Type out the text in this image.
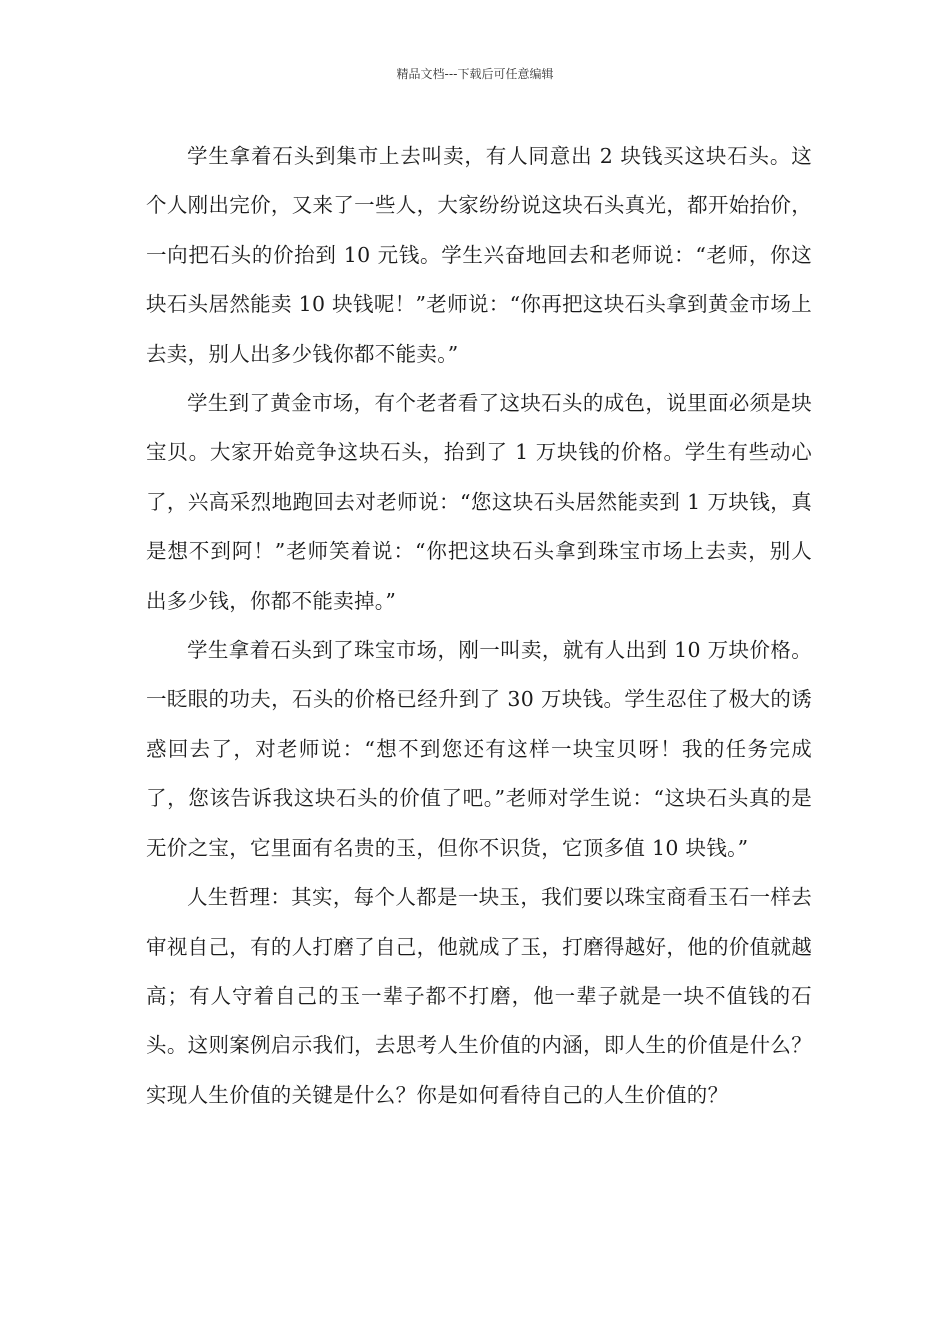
精品文档---下载后可任意编辑

学生拿着石头到集市上去叫卖，有人同意出 2 块钱买这块石头。这个人刚出完价，又来了一些人，大家纷纷说这块石头真光，都开始抬价，一向把石头的价抬到 10 元钱。学生兴奋地回去和老师说：“老师，你这块石头居然能卖 10 块钱呢！”老师说：“你再把这块石头拿到黄金市场上去卖，别人出多少钱你都不能卖。”

学生到了黄金市场，有个老者看了这块石头的成色，说里面必须是块宝贝。大家开始竞争这块石头，抬到了 1 万块钱的价格。学生有些动心了，兴高采烈地跑回去对老师说：“您这块石头居然能卖到 1 万块钱，真是想不到阿！”老师笑着说：“你把这块石头拿到珠宝市场上去卖，别人出多少钱，你都不能卖掉。”

学生拿着石头到了珠宝市场，刚一叫卖，就有人出到 10 万块价格。一眨眼的功夫，石头的价格已经升到了 30 万块钱。学生忍住了极大的诱惑回去了，对老师说：“想不到您还有这样一块宝贝呀！我的任务完成了，您该告诉我这块石头的价值了吧。”老师对学生说：“这块石头真的是无价之宝，它里面有名贵的玉，但你不识货，它顶多值 10 块钱。”

人生哲理：其实，每个人都是一块玉，我们要以珠宝商看玉石一样去审视自己，有的人打磨了自己，他就成了玉，打磨得越好，他的价值就越高；有人守着自己的玉一辈子都不打磨，他一辈子就是一块不值钱的石头。这则案例启示我们，去思考人生价值的内涵，即人生的价值是什么？实现人生价值的关键是什么？你是如何看待自己的人生价值的？
